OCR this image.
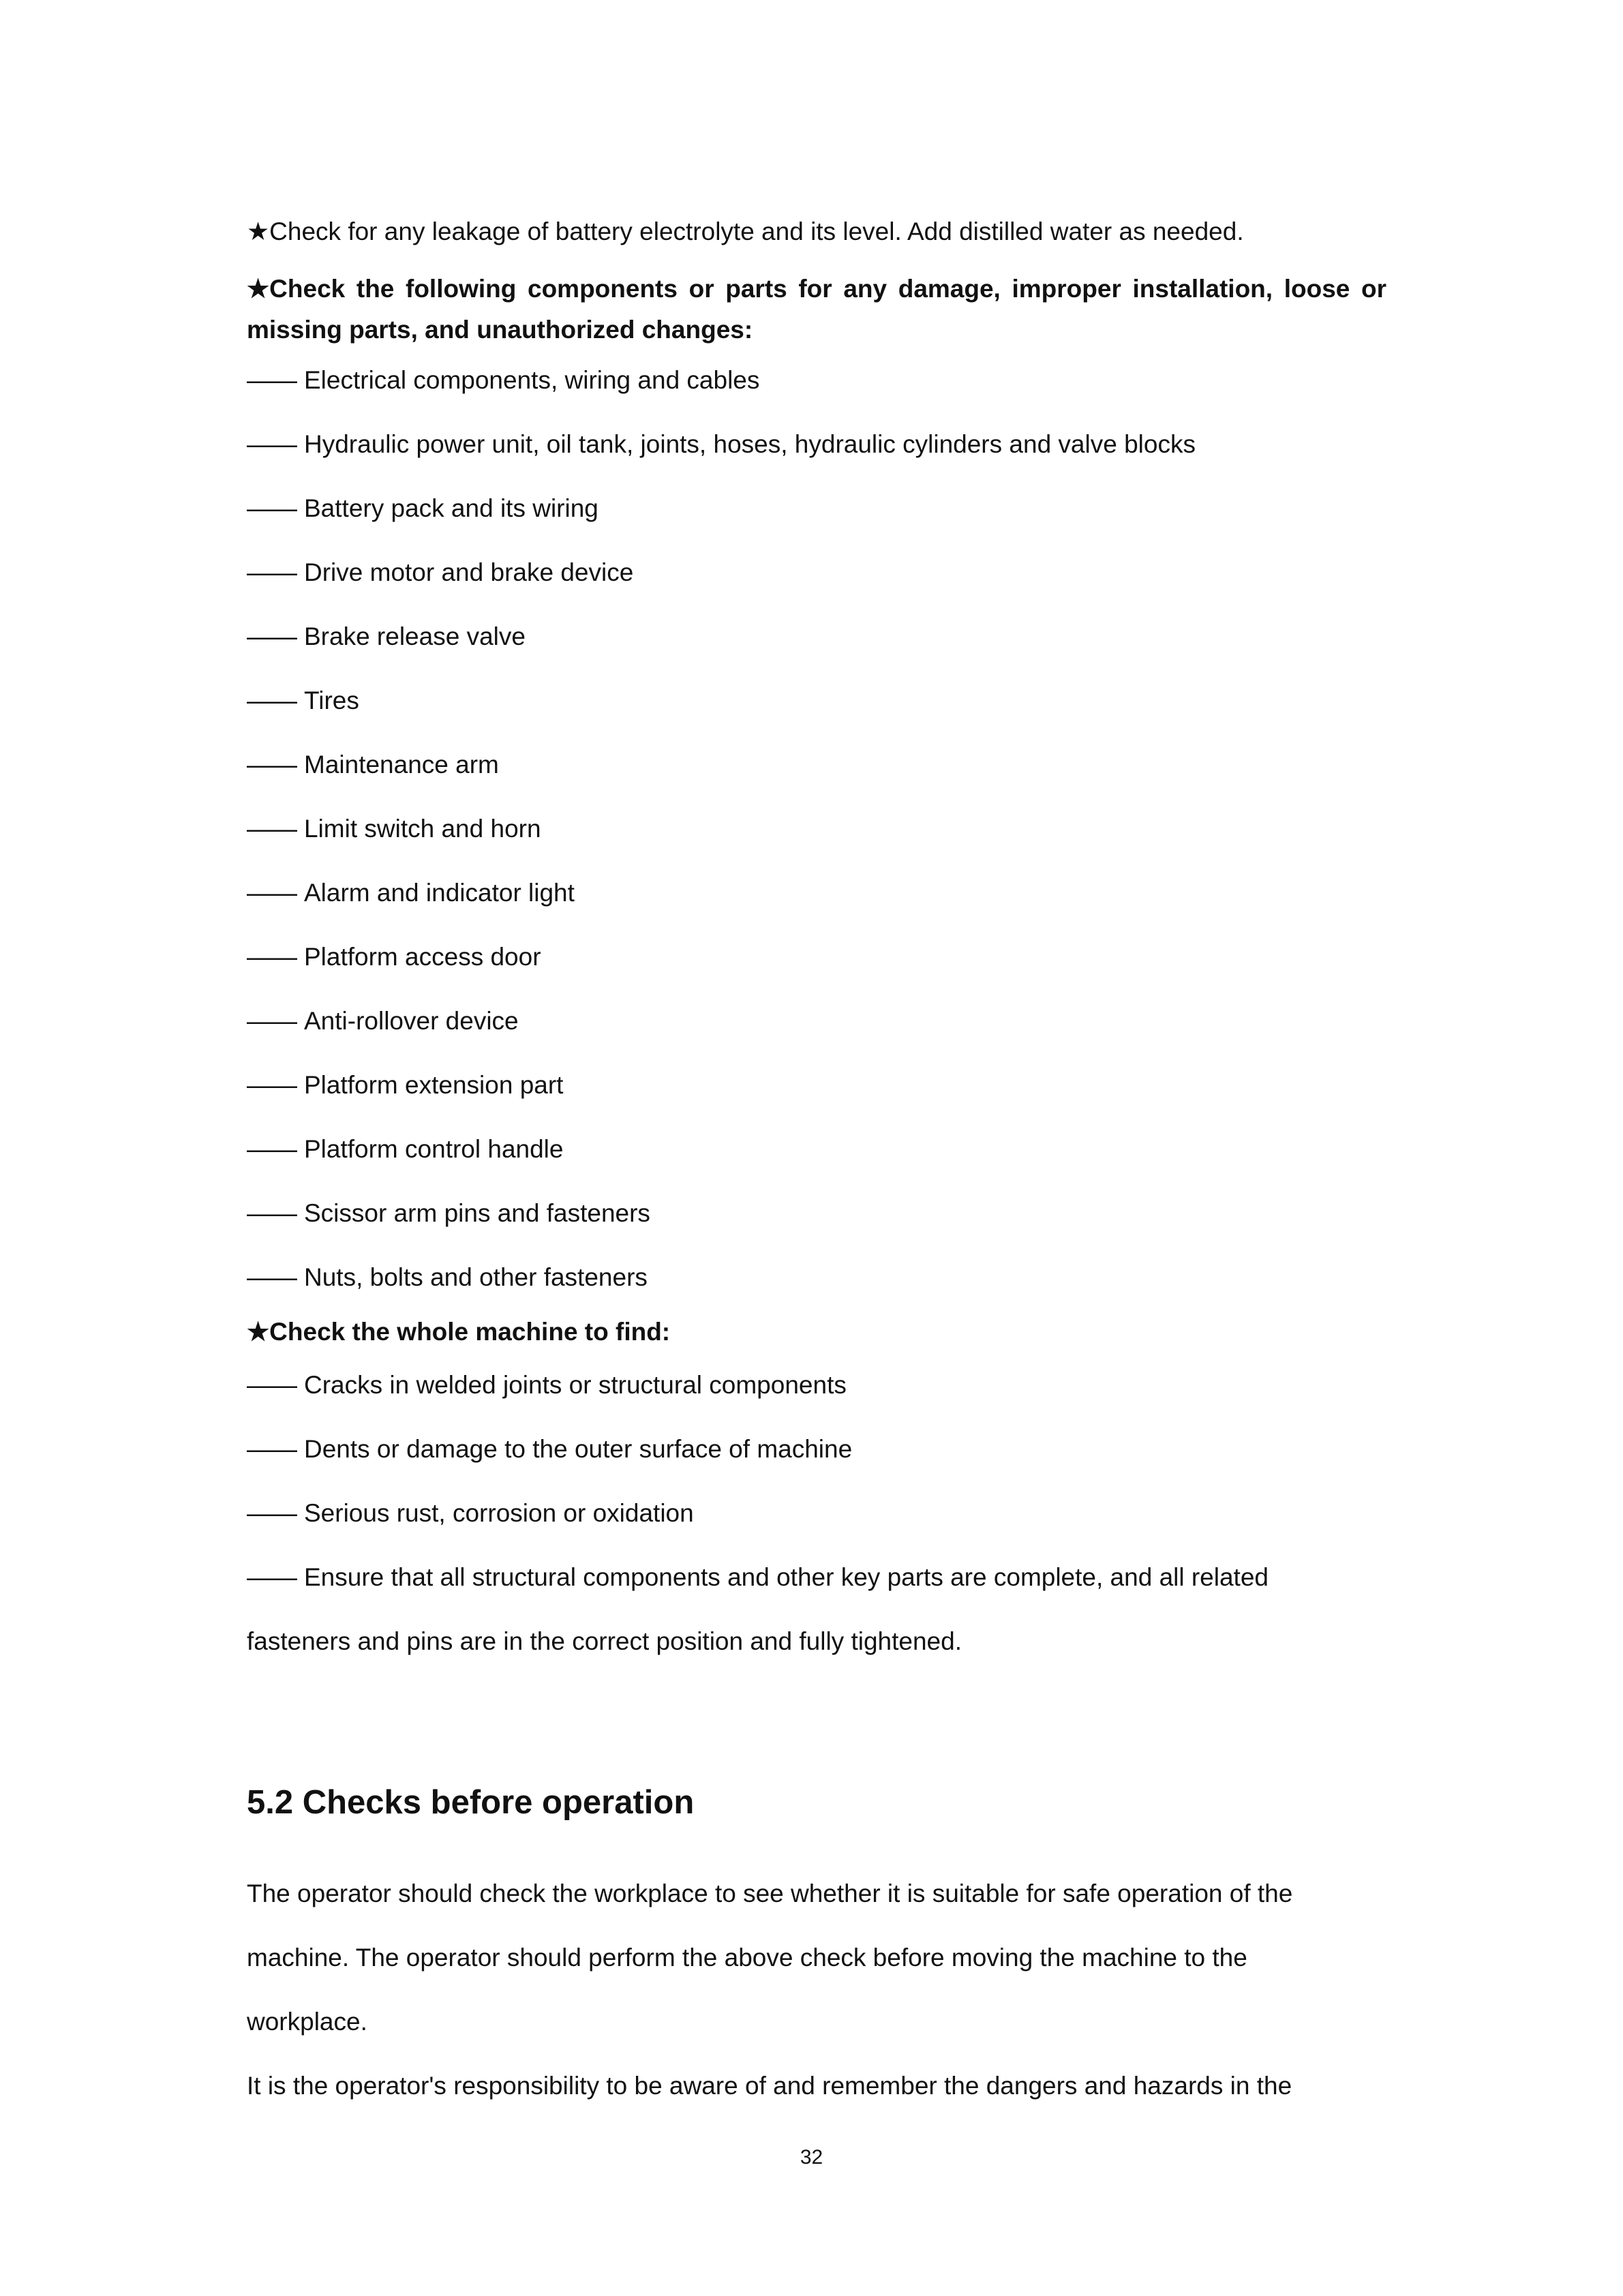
★Check for any leakage of battery electrolyte and its level. Add distilled water as needed.
★Check the following components or parts for any damage, improper installation, loose or missing parts, and unauthorized changes:
—— Electrical components, wiring and cables
—— Hydraulic power unit, oil tank, joints, hoses, hydraulic cylinders and valve blocks
—— Battery pack and its wiring
—— Drive motor and brake device
—— Brake release valve
—— Tires
—— Maintenance arm
—— Limit switch and horn
—— Alarm and indicator light
—— Platform access door
—— Anti-rollover device
—— Platform extension part
—— Platform control handle
—— Scissor arm pins and fasteners
—— Nuts, bolts and other fasteners
★Check the whole machine to find:
—— Cracks in welded joints or structural components
—— Dents or damage to the outer surface of machine
—— Serious rust, corrosion or oxidation
—— Ensure that all structural components and other key parts are complete, and all related
fasteners and pins are in the correct position and fully tightened.
5.2 Checks before operation
The operator should check the workplace to see whether it is suitable for safe operation of the
machine. The operator should perform the above check before moving the machine to the
workplace.
It is the operator's responsibility to be aware of and remember the dangers and hazards in the
32
